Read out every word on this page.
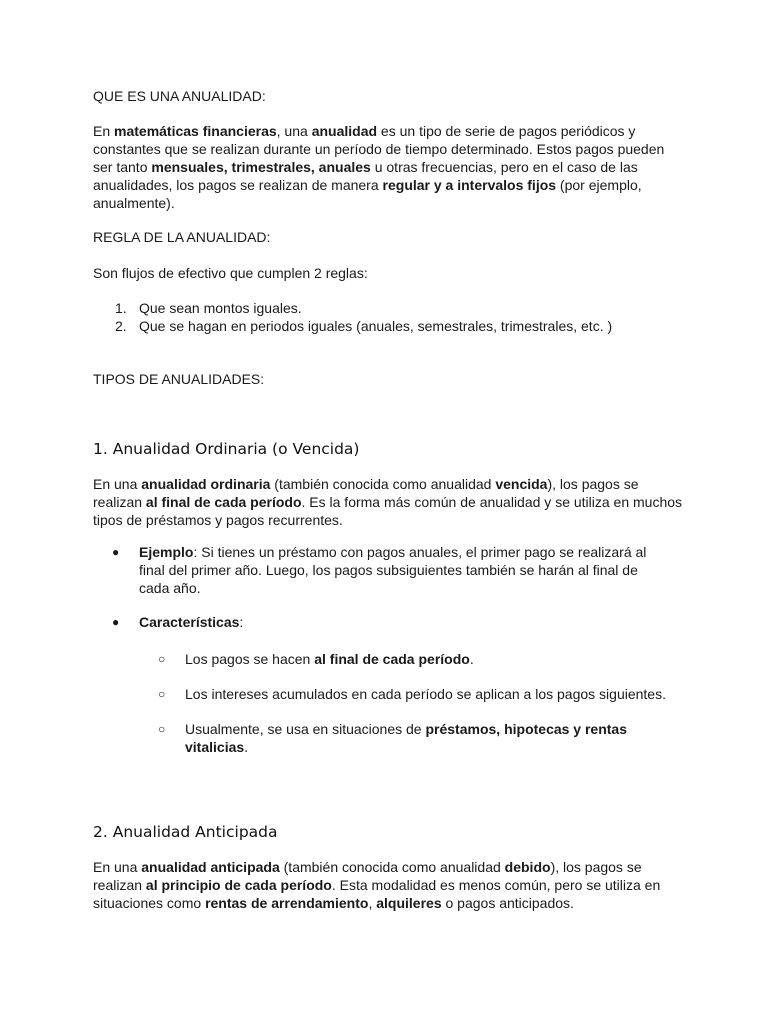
QUE ES UNA ANUALIDAD:

En matemáticas financieras, una anualidad es un tipo de serie de pagos periódicos y constantes que se realizan durante un período de tiempo determinado. Estos pagos pueden ser tanto mensuales, trimestrales, anuales u otras frecuencias, pero en el caso de las anualidades, los pagos se realizan de manera regular y a intervalos fijos (por ejemplo, anualmente).

REGLA DE LA ANUALIDAD:

Son flujos de efectivo que cumplen 2 reglas:

1. Que sean montos iguales.
2. Que se hagan en periodos iguales (anuales, semestrales, trimestrales, etc. )

TIPOS DE ANUALIDADES:

1. Anualidad Ordinaria (o Vencida)

En una anualidad ordinaria (también conocida como anualidad vencida), los pagos se realizan al final de cada período. Es la forma más común de anualidad y se utiliza en muchos tipos de préstamos y pagos recurrentes.

● Ejemplo: Si tienes un préstamo con pagos anuales, el primer pago se realizará al final del primer año. Luego, los pagos subsiguientes también se harán al final de cada año.
● Características:
○ Los pagos se hacen al final de cada período.
○ Los intereses acumulados en cada período se aplican a los pagos siguientes.
○ Usualmente, se usa en situaciones de préstamos, hipotecas y rentas vitalicias.

2. Anualidad Anticipada

En una anualidad anticipada (también conocida como anualidad debido), los pagos se realizan al principio de cada período. Esta modalidad es menos común, pero se utiliza en situaciones como rentas de arrendamiento, alquileres o pagos anticipados.
